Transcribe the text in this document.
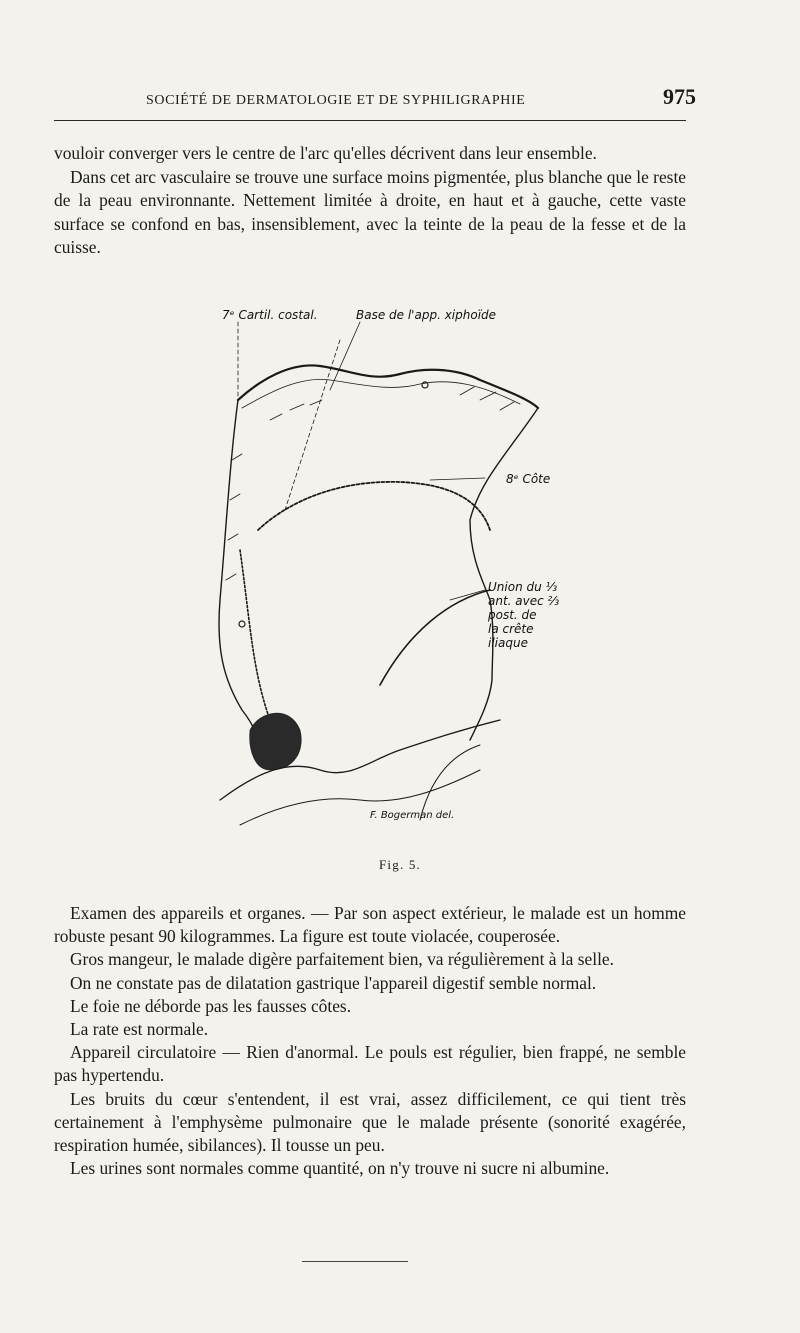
SOCIÉTÉ DE DERMATOLOGIE ET DE SYPHILIGRAPHIE	975

vouloir converger vers le centre de l'arc qu'elles décrivent dans leur ensemble.

Dans cet arc vasculaire se trouve une surface moins pigmentée, plus blanche que le reste de la peau environnante. Nettement limitée à droite, en haut et à gauche, cette vaste surface se confond en bas, insensiblement, avec la teinte de la peau de la fesse et de la cuisse.

7ᵉ Cartil. costal.	Base de l'app. xiphoïde
8ᵉ Côte
Union du ⅓
ant. avec ⅔
post. de
la crête
iliaque
F. Bogerman del.
Fig. 5.

Examen des appareils et organes. — Par son aspect extérieur, le malade est un homme robuste pesant 90 kilogrammes. La figure est toute violacée, couperosée.

Gros mangeur, le malade digère parfaitement bien, va régulièrement à la selle.

On ne constate pas de dilatation gastrique l'appareil digestif semble normal.

Le foie ne déborde pas les fausses côtes.

La rate est normale.

Appareil circulatoire — Rien d'anormal. Le pouls est régulier, bien frappé, ne semble pas hypertendu.

Les bruits du cœur s'entendent, il est vrai, assez difficilement, ce qui tient très certainement à l'emphysème pulmonaire que le malade présente (sonorité exagérée, respiration humée, sibilances). Il tousse un peu.

Les urines sont normales comme quantité, on n'y trouve ni sucre ni albumine.
